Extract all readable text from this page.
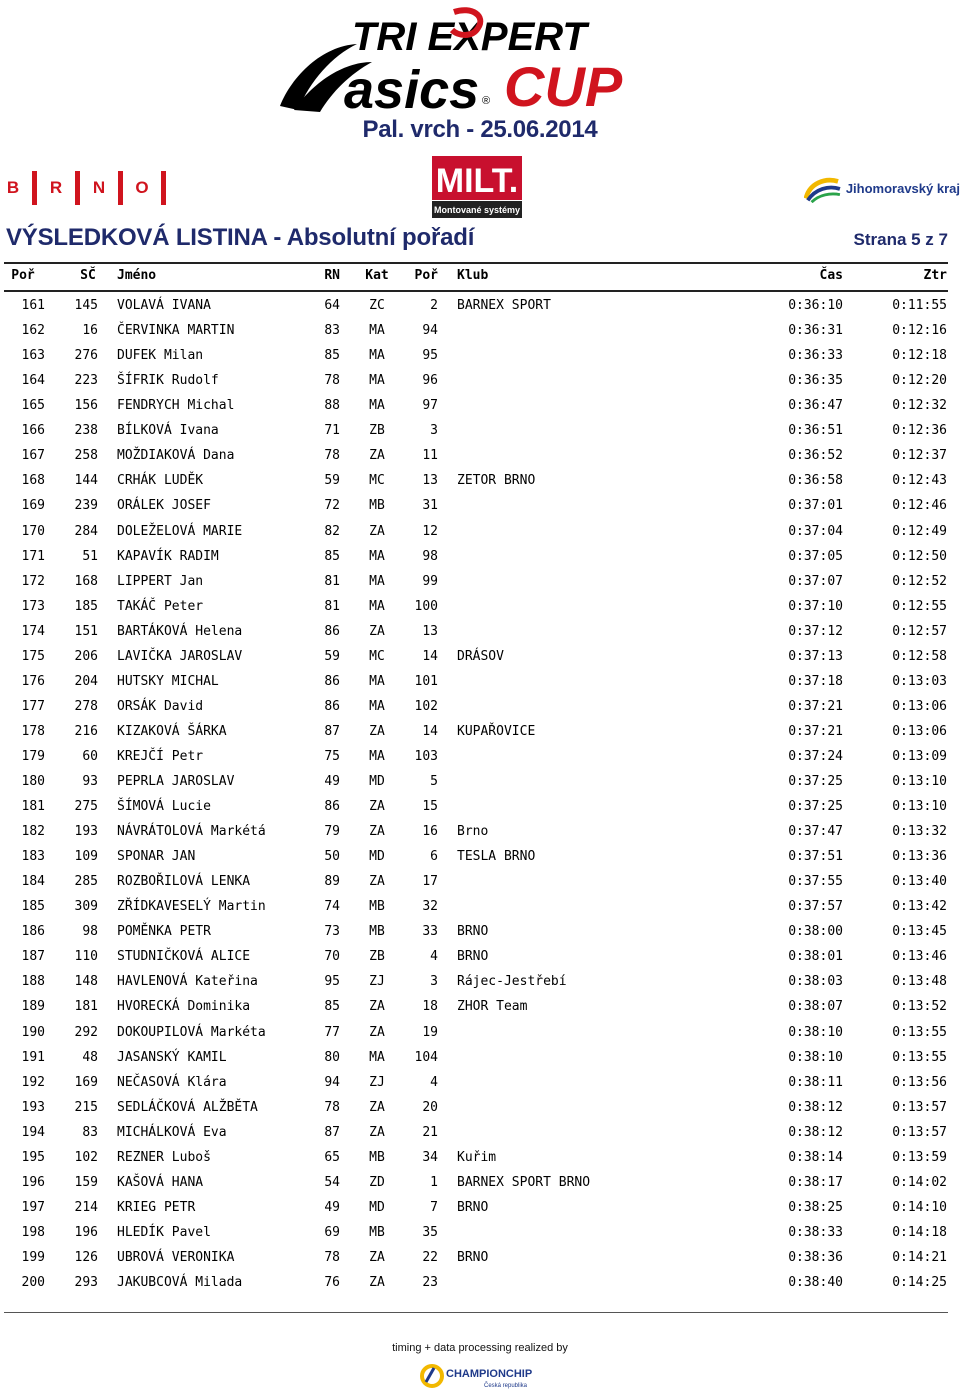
TRI EXPERT
asics ® CUP
Pal. vrch - 25.06.2014
B	R	N	O	MILT.
Montované systémy
Jihomoravský kraj
VÝSLEDKOVÁ LISTINA - Absolutní pořadí	Strana 5 z 7
Poř	SČ	Jméno	RN	Kat	Poř Klub	Čas	Ztr
161	145 VOLAVÁ IVANA	64	ZC	2 BARNEX SPORT	0:36:10	0:11:55
162	16 ČERVINKA MARTIN	83	MA	94	0:36:31	0:12:16
163	276 DUFEK Milan	85	MA	95	0:36:33	0:12:18
164	223 ŠÍFRIK Rudolf	78	MA	96	0:36:35	0:12:20
165	156 FENDRYCH Michal	88	MA	97	0:36:47	0:12:32
166	238 BÍLKOVÁ Ivana	71	ZB	3	0:36:51	0:12:36
167	258 MOŽDIAKOVÁ Dana	78	ZA	11	0:36:52	0:12:37
168	144 CRHÁK LUDĚK	59	MC	13 ZETOR BRNO	0:36:58	0:12:43
169	239 ORÁLEK JOSEF	72	MB	31	0:37:01	0:12:46
170	284 DOLEŽELOVÁ MARIE	82	ZA	12	0:37:04	0:12:49
171	51 KAPAVÍK RADIM	85	MA	98	0:37:05	0:12:50
172	168 LIPPERT Jan	81	MA	99	0:37:07	0:12:52
173	185 TAKÁČ Peter	81	MA	100	0:37:10	0:12:55
174	151 BARTÁKOVÁ Helena	86	ZA	13	0:37:12	0:12:57
175	206 LAVIČKA JAROSLAV	59	MC	14 DRÁSOV	0:37:13	0:12:58
176	204 HUTSKY MICHAL	86	MA	101	0:37:18	0:13:03
177	278 ORSÁK David	86	MA	102	0:37:21	0:13:06
178	216 KIZAKOVÁ ŠÁRKA	87	ZA	14 KUPAŘOVICE	0:37:21	0:13:06
179	60 KREJČÍ Petr	75	MA	103	0:37:24	0:13:09
180	93 PEPRLA JAROSLAV	49	MD	5	0:37:25	0:13:10
181	275 ŠÍMOVÁ Lucie	86	ZA	15	0:37:25	0:13:10
182	193 NÁVRÁTOLOVÁ Markétá	79	ZA	16 Brno	0:37:47	0:13:32
183	109 SPONAR JAN	50	MD	6 TESLA BRNO	0:37:51	0:13:36
184	285 ROZBOŘILOVÁ LENKA	89	ZA	17	0:37:55	0:13:40
185	309 ZŘÍDKAVESELÝ Martin	74	MB	32	0:37:57	0:13:42
186	98 POMĚNKA PETR	73	MB	33 BRNO	0:38:00	0:13:45
187	110 STUDNIČKOVÁ ALICE	70	ZB	4 BRNO	0:38:01	0:13:46
188	148 HAVLENOVÁ Kateřina	95	ZJ	3 Rájec-Jestřebí	0:38:03	0:13:48
189	181 HVORECKÁ Dominika	85	ZA	18 ZHOR Team	0:38:07	0:13:52
190	292 DOKOUPILOVÁ Markéta	77	ZA	19	0:38:10	0:13:55
191	48 JASANSKÝ KAMIL	80	MA	104	0:38:10	0:13:55
192	169 NEČASOVÁ Klára	94	ZJ	4	0:38:11	0:13:56
193	215 SEDLÁČKOVÁ ALŽBĚTA	78	ZA	20	0:38:12	0:13:57
194	83 MICHÁLKOVÁ Eva	87	ZA	21	0:38:12	0:13:57
195	102 REZNER Luboš	65	MB	34 Kuřim	0:38:14	0:13:59
196	159 KAŠOVÁ HANA	54	ZD	1 BARNEX SPORT BRNO	0:38:17	0:14:02
197	214 KRIEG PETR	49	MD	7 BRNO	0:38:25	0:14:10
198	196 HLEDÍK Pavel	69	MB	35	0:38:33	0:14:18
199	126 UBROVÁ VERONIKA	78	ZA	22 BRNO	0:38:36	0:14:21
200	293 JAKUBCOVÁ Milada	76	ZA	23	0:38:40	0:14:25
timing + data processing realized by
CHAMPIONCHIP
Česká republika
